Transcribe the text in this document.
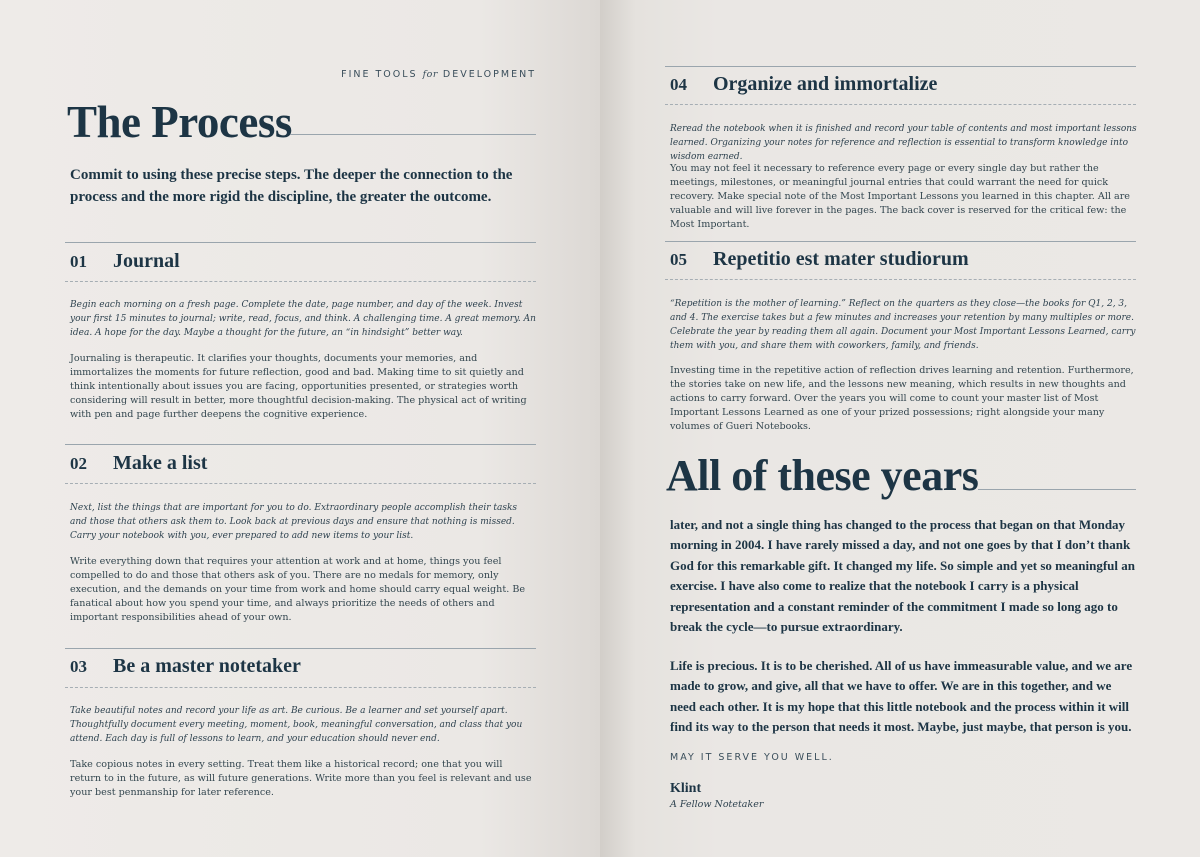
FINE TOOLS for DEVELOPMENT
The Process
Commit to using these precise steps. The deeper the connection to the process and the more rigid the discipline, the greater the outcome.
01 Journal
Begin each morning on a fresh page. Complete the date, page number, and day of the week. Invest your first 15 minutes to journal; write, read, focus, and think. A challenging time. A great memory. An idea. A hope for the day. Maybe a thought for the future, an “in hindsight” better way.
Journaling is therapeutic. It clarifies your thoughts, documents your memories, and immortalizes the moments for future reflection, good and bad. Making time to sit quietly and think intentionally about issues you are facing, opportunities presented, or strategies worth considering will result in better, more thoughtful decision-making. The physical act of writing with pen and page further deepens the cognitive experience.
02 Make a list
Next, list the things that are important for you to do. Extraordinary people accomplish their tasks and those that others ask them to. Look back at previous days and ensure that nothing is missed. Carry your notebook with you, ever prepared to add new items to your list.
Write everything down that requires your attention at work and at home, things you feel compelled to do and those that others ask of you. There are no medals for memory, only execution, and the demands on your time from work and home should carry equal weight. Be fanatical about how you spend your time, and always prioritize the needs of others and important responsibilities ahead of your own.
03 Be a master notetaker
Take beautiful notes and record your life as art. Be curious. Be a learner and set yourself apart. Thoughtfully document every meeting, moment, book, meaningful conversation, and class that you attend. Each day is full of lessons to learn, and your education should never end.
Take copious notes in every setting. Treat them like a historical record; one that you will return to in the future, as will future generations. Write more than you feel is relevant and use your best penmanship for later reference.
04 Organize and immortalize
Reread the notebook when it is finished and record your table of contents and most important lessons learned. Organizing your notes for reference and reflection is essential to transform knowledge into wisdom earned.
You may not feel it necessary to reference every page or every single day but rather the meetings, milestones, or meaningful journal entries that could warrant the need for quick recovery. Make special note of the Most Important Lessons you learned in this chapter. All are valuable and will live forever in the pages. The back cover is reserved for the critical few: the Most Important.
05 Repetitio est mater studiorum
“Repetition is the mother of learning.” Reflect on the quarters as they close—the books for Q1, 2, 3, and 4. The exercise takes but a few minutes and increases your retention by many multiples or more. Celebrate the year by reading them all again. Document your Most Important Lessons Learned, carry them with you, and share them with coworkers, family, and friends.
Investing time in the repetitive action of reflection drives learning and retention. Furthermore, the stories take on new life, and the lessons new meaning, which results in new thoughts and actions to carry forward. Over the years you will come to count your master list of Most Important Lessons Learned as one of your prized possessions; right alongside your many volumes of Gueri Notebooks.
All of these years
later, and not a single thing has changed to the process that began on that Monday morning in 2004. I have rarely missed a day, and not one goes by that I don’t thank God for this remarkable gift. It changed my life. So simple and yet so meaningful an exercise. I have also come to realize that the notebook I carry is a physical representation and a constant reminder of the commitment I made so long ago to break the cycle—to pursue extraordinary.
Life is precious. It is to be cherished. All of us have immeasurable value, and we are made to grow, and give, all that we have to offer. We are in this together, and we need each other. It is my hope that this little notebook and the process within it will find its way to the person that needs it most. Maybe, just maybe, that person is you.
MAY IT SERVE YOU WELL.
Klint
A Fellow Notetaker
